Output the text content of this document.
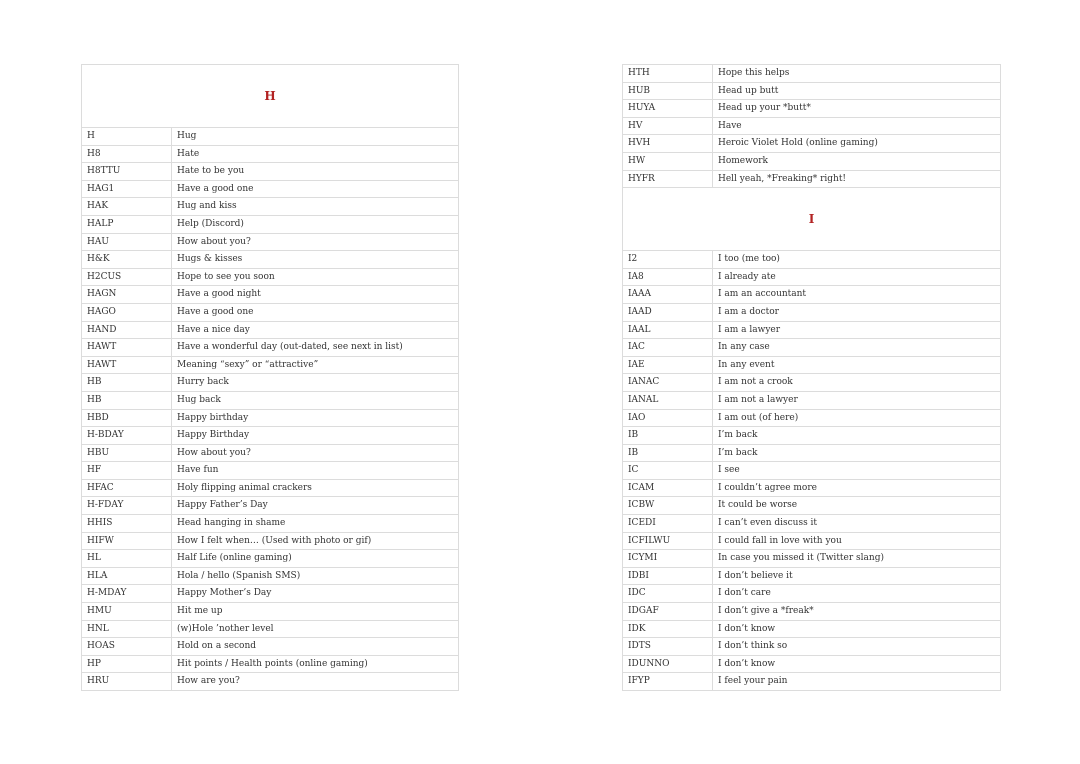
H
H	Hug
H8	Hate
H8TTU	Hate to be you
HAG1	Have a good one
HAK	Hug and kiss
HALP	Help (Discord)
HAU	How about you?
H&K	Hugs & kisses
H2CUS	Hope to see you soon
HAGN	Have a good night
HAGO	Have a good one
HAND	Have a nice day
HAWT	Have a wonderful day (out-dated, see next in list)
HAWT	Meaning “sexy” or “attractive”
HB	Hurry back
HB	Hug back
HBD	Happy birthday
H-BDAY	Happy Birthday
HBU	How about you?
HF	Have fun
HFAC	Holy flipping animal crackers
H-FDAY	Happy Father’s Day
HHIS	Head hanging in shame
HIFW	How I felt when… (Used with photo or gif)
HL	Half Life (online gaming)
HLA	Hola / hello (Spanish SMS)
H-MDAY	Happy Mother’s Day
HMU	Hit me up
HNL	(w)Hole ’nother level
HOAS	Hold on a second
HP	Hit points / Health points (online gaming)
HRU	How are you?
HTH	Hope this helps
HUB	Head up butt
HUYA	Head up your *butt*
HV	Have
HVH	Heroic Violet Hold (online gaming)
HW	Homework
HYFR	Hell yeah, *Freaking* right!
I
I2	I too (me too)
IA8	I already ate
IAAA	I am an accountant
IAAD	I am a doctor
IAAL	I am a lawyer
IAC	In any case
IAE	In any event
IANAC	I am not a crook
IANAL	I am not a lawyer
IAO	I am out (of here)
IB	I’m back
IB	I’m back
IC	I see
ICAM	I couldn’t agree more
ICBW	It could be worse
ICEDI	I can’t even discuss it
ICFILWU	I could fall in love with you
ICYMI	In case you missed it (Twitter slang)
IDBI	I don’t believe it
IDC	I don’t care
IDGAF	I don’t give a *freak*
IDK	I don’t know
IDTS	I don’t think so
IDUNNO	I don’t know
IFYP	I feel your pain
